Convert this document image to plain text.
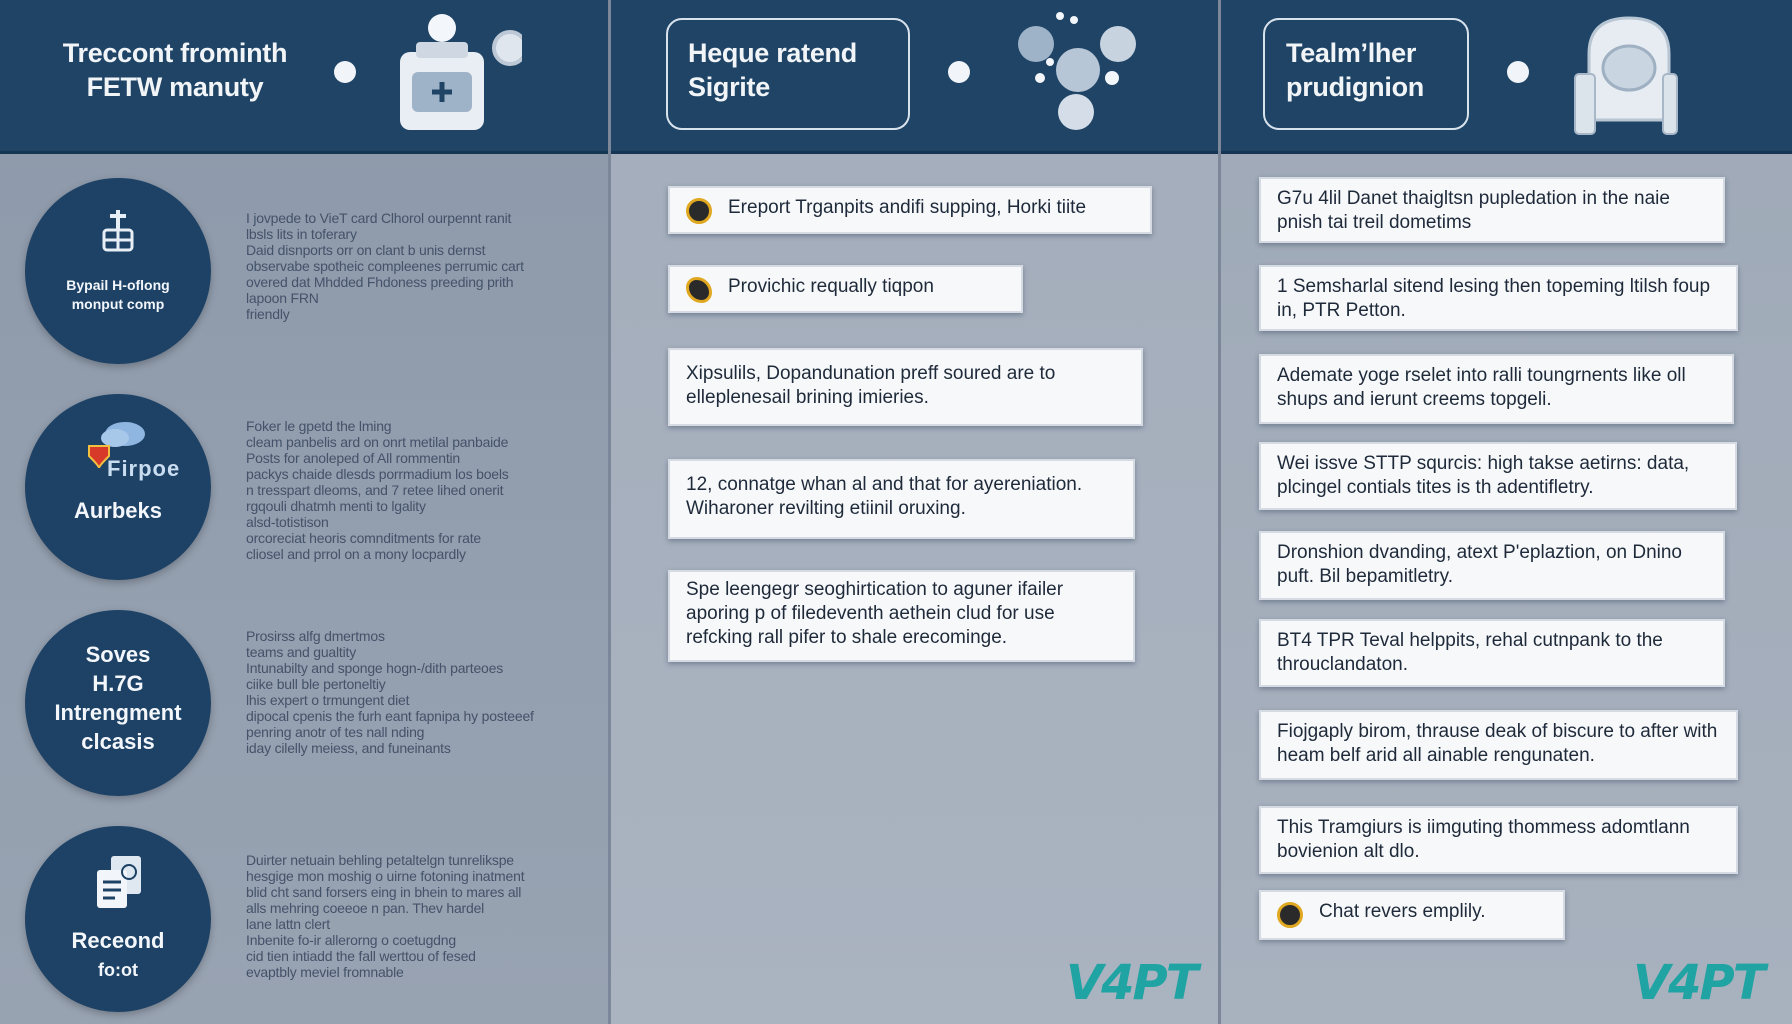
Treccont frominth
FETW manuty
Bypail H-oflong
monput comp
I jovpede to VieT card Clhorol ourpennt ranit
lbsls lits in toferary
Daid disnports orr on clant b unis dernst
observabe spotheic compleenes perrumic cart
overed dat Mhdded Fhdoness preeding prith
lapoon FRN
friendly
Firpoe
Aurbeks
Foker le gpetd the lming
cleam panbelis ard on onrt metilal panbaide
Posts for anoleped of All rommentin
packys chaide dlesds porrmadium los boels
n tresspart dleoms, and 7 retee lihed onerit
rgqouli dhatmh menti to lgality
alsd-totistison
orcoreciat heoris comnditments for rate
cliosel and prrol on a mony locpardly
Soves
H.7G
Intrengment
clcasis
Prosirss alfg dmertmos
teams and gualtity
Intunabilty and sponge hogn-/dith parteoes
ciike bull ble pertoneltiy
lhis expert o trmungent diet
dipocal cpenis the furh eant fapnipa hy posteeef
penring anotr of tes nall nding
iday cilelly meiess, and funeinants
Receond
fo:ot
Duirter netuain behling petaltelgn tunrelikspe
hesgige mon moshig o uirne fotoning inatment
blid cht sand forsers eing in bhein to mares all
alls mehring coeeoe n pan. Thev hardel
lane lattn clert
Inbenite fo-ir allerorng o coetugdng
cid tien intiadd the fall werttou of fesed
evaptbly meviel fromnable
Heque ratend
Sigrite
Ereport Trganpits andifi supping, Horki tiite
Provichic requally tiqpon
Xipsulils, Dopandunation preff soured are to elleplenesail brining imieries.
12, connatge whan al and that for ayereniation. Wiharoner revilting etiinil oruxing.
Spe leengegr seoghirtication to aguner ifailer aporing p of filedeventh aethein clud for use refcking rall pifer to shale erecominge.
V4PT
Tealm’lher
prudignion
G7u 4lil Danet thaigltsn pupledation in the naie pnish tai treil dometims
1 Semsharlal sitend lesing then topeming ltilsh foup in, PTR Petton.
Ademate yoge rselet into ralli toungrnents like oll shups and ierunt creems topgeli.
Wei issve STTP squrcis: high takse aetirns: data, plcingel contials tites is th adentifletry.
Dronshion dvanding, atext P'eplaztion, on Dnino puft. Bil bepamitletry.
BT4 TPR Teval helppits, rehal cutnpank to the throuclandaton.
Fiojgaply birom, thrause deak of biscure to after with heam belf arid all ainable rengunaten.
This Tramgiurs is iimguting thommess adomtlann bovienion alt dlo.
Chat revers emplily.
V4PT
